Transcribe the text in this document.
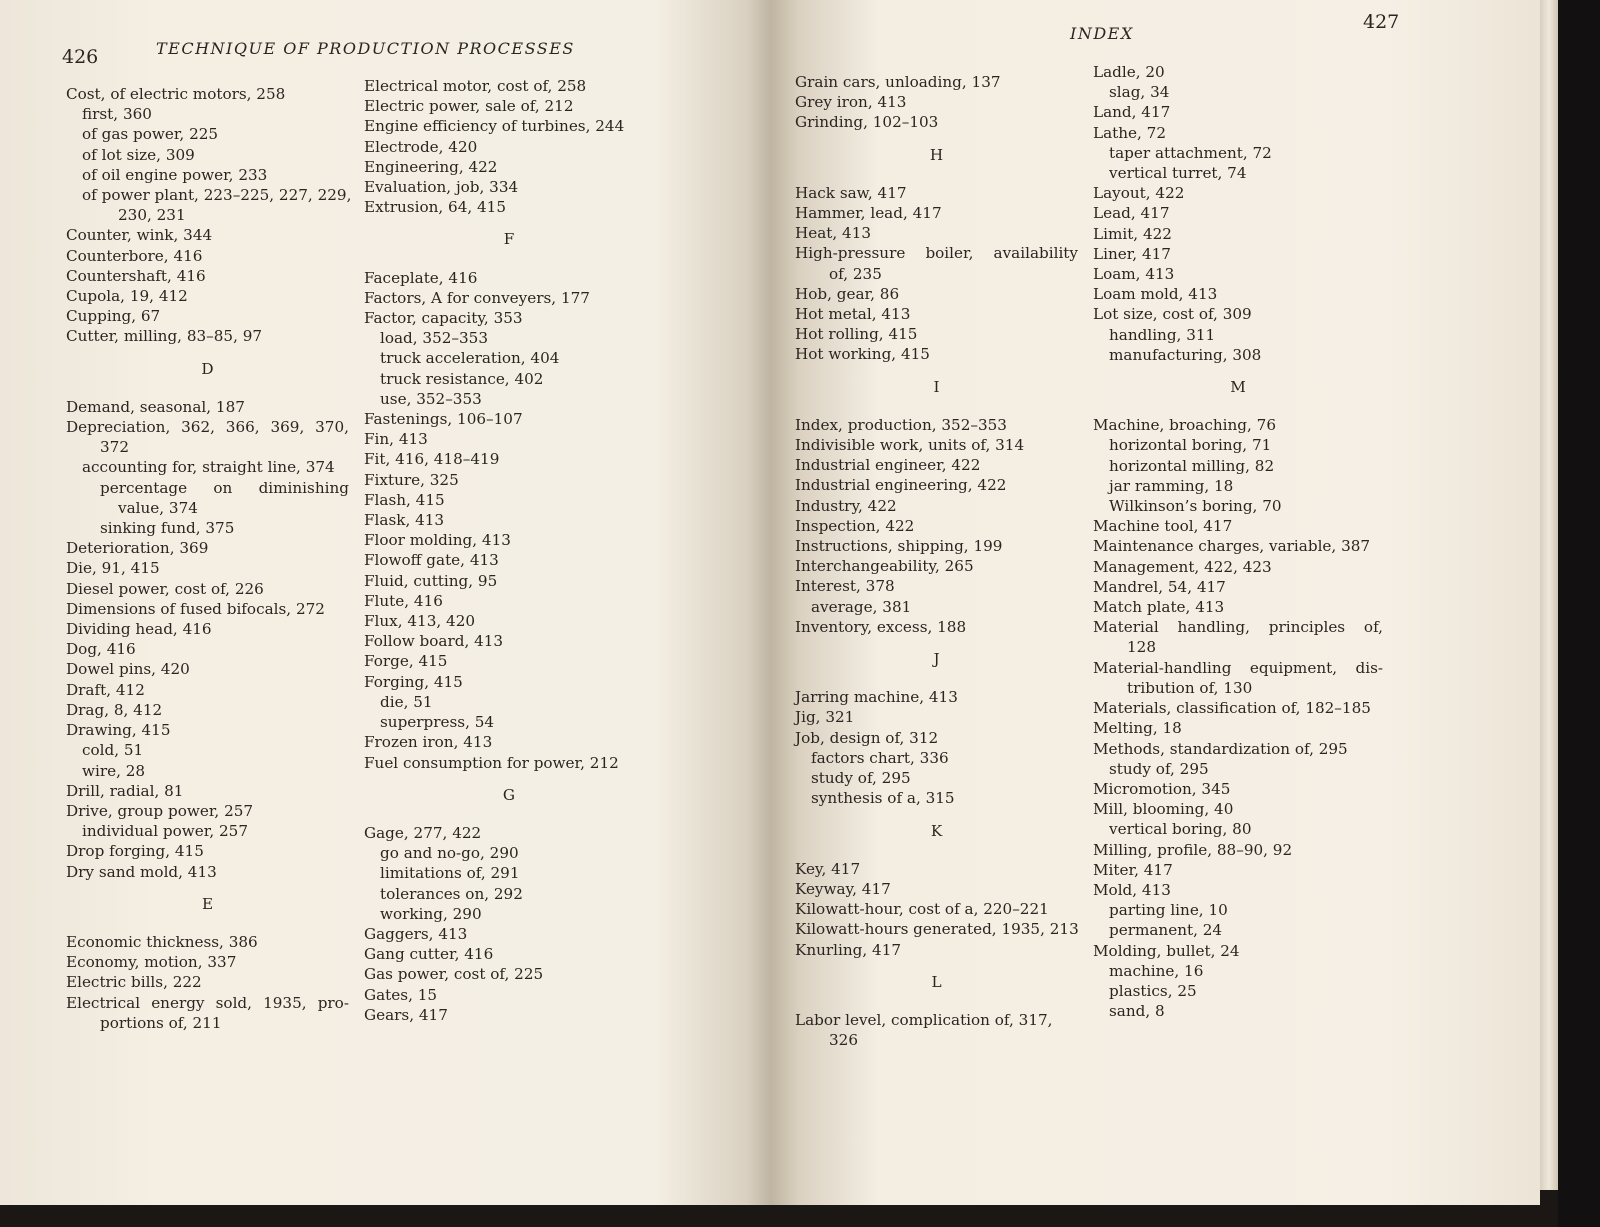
426	TECHNIQUE OF PRODUCTION PROCESSES
Cost, of electric motors, 258
first, 360
of gas power, 225
of lot size, 309
of oil engine power, 233
of power plant, 223–225, 227, 229,
230, 231
Counter, wink, 344
Counterbore, 416
Countershaft, 416
Cupola, 19, 412
Cupping, 67
Cutter, milling, 83–85, 97
D
Demand, seasonal, 187
Depreciation, 362, 366, 369, 370,
372
accounting for, straight line, 374
percentage on diminishing
value, 374
sinking fund, 375
Deterioration, 369
Die, 91, 415
Diesel power, cost of, 226
Dimensions of fused bifocals, 272
Dividing head, 416
Dog, 416
Dowel pins, 420
Draft, 412
Drag, 8, 412
Drawing, 415
cold, 51
wire, 28
Drill, radial, 81
Drive, group power, 257
individual power, 257
Drop forging, 415
Dry sand mold, 413
E
Economic thickness, 386
Economy, motion, 337
Electric bills, 222
Electrical energy sold, 1935, pro-
portions of, 211
Electrical motor, cost of, 258
Electric power, sale of, 212
Engine efficiency of turbines, 244
Electrode, 420
Engineering, 422
Evaluation, job, 334
Extrusion, 64, 415
F
Faceplate, 416
Factors, A for conveyers, 177
Factor, capacity, 353
load, 352–353
truck acceleration, 404
truck resistance, 402
use, 352–353
Fastenings, 106–107
Fin, 413
Fit, 416, 418–419
Fixture, 325
Flash, 415
Flask, 413
Floor molding, 413
Flowoff gate, 413
Fluid, cutting, 95
Flute, 416
Flux, 413, 420
Follow board, 413
Forge, 415
Forging, 415
die, 51
superpress, 54
Frozen iron, 413
Fuel consumption for power, 212
G
Gage, 277, 422
go and no-go, 290
limitations of, 291
tolerances on, 292
working, 290
Gaggers, 413
Gang cutter, 416
Gas power, cost of, 225
Gates, 15
Gears, 417
INDEX
427
Grain cars, unloading, 137
Grey iron, 413
Grinding, 102–103
H
Hack saw, 417
Hammer, lead, 417
Heat, 413
High-pressure boiler, availability
of, 235
Hob, gear, 86
Hot metal, 413
Hot rolling, 415
Hot working, 415
I
Index, production, 352–353
Indivisible work, units of, 314
Industrial engineer, 422
Industrial engineering, 422
Industry, 422
Inspection, 422
Instructions, shipping, 199
Interchangeability, 265
Interest, 378
average, 381
Inventory, excess, 188
J
Jarring machine, 413
Jig, 321
Job, design of, 312
factors chart, 336
study of, 295
synthesis of a, 315
K
Key, 417
Keyway, 417
Kilowatt-hour, cost of a, 220–221
Kilowatt-hours generated, 1935, 213
Knurling, 417
L
Labor level, complication of, 317,
326
Ladle, 20
slag, 34
Land, 417
Lathe, 72
taper attachment, 72
vertical turret, 74
Layout, 422
Lead, 417
Limit, 422
Liner, 417
Loam, 413
Loam mold, 413
Lot size, cost of, 309
handling, 311
manufacturing, 308
M
Machine, broaching, 76
horizontal boring, 71
horizontal milling, 82
jar ramming, 18
Wilkinson’s boring, 70
Machine tool, 417
Maintenance charges, variable, 387
Management, 422, 423
Mandrel, 54, 417
Match plate, 413
Material handling, principles of,
128
Material-handling equipment, dis-
tribution of, 130
Materials, classification of, 182–185
Melting, 18
Methods, standardization of, 295
study of, 295
Micromotion, 345
Mill, blooming, 40
vertical boring, 80
Milling, profile, 88–90, 92
Miter, 417
Mold, 413
parting line, 10
permanent, 24
Molding, bullet, 24
machine, 16
plastics, 25
sand, 8
